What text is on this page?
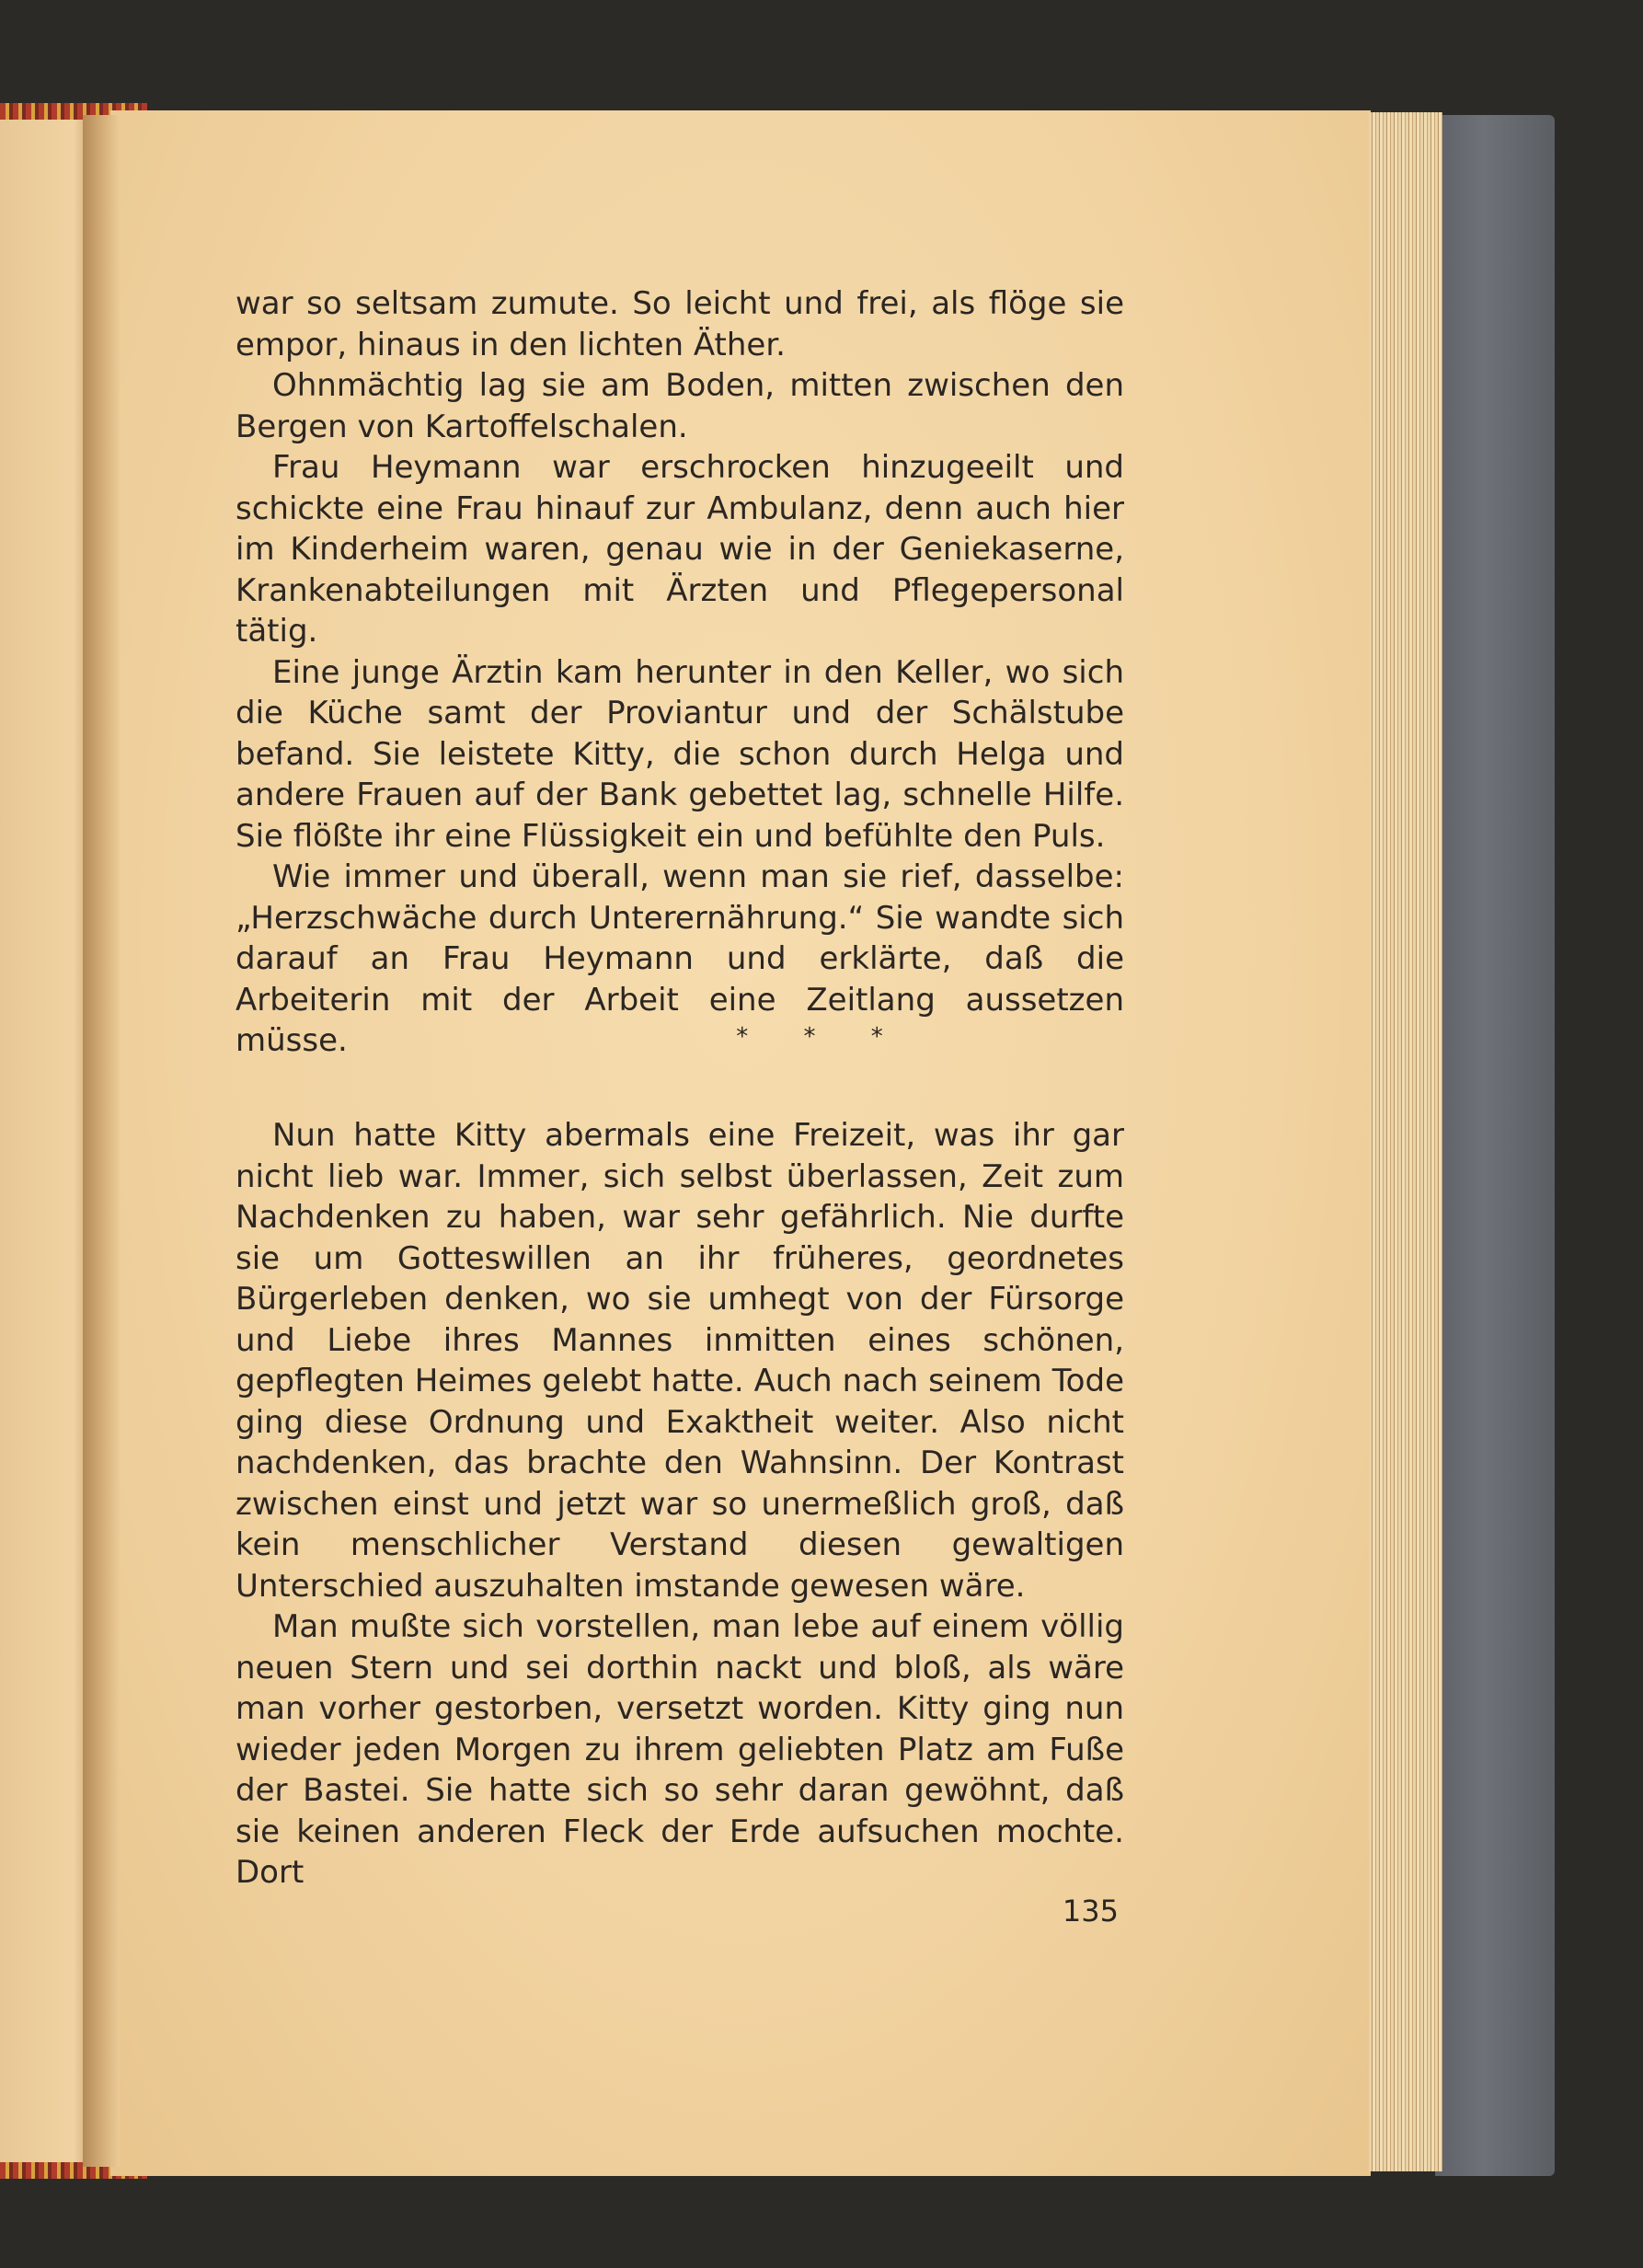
war so seltsam zumute. So leicht und frei, als flöge sie empor, hinaus in den lichten Äther.

Ohnmächtig lag sie am Boden, mitten zwischen den Bergen von Kartoffelschalen.

Frau Heymann war erschrocken hinzugeeilt und schickte eine Frau hinauf zur Ambulanz, denn auch hier im Kinderheim waren, genau wie in der Geniekaserne, Krankenabteilungen mit Ärzten und Pflegepersonal tätig.

Eine junge Ärztin kam herunter in den Keller, wo sich die Küche samt der Proviantur und der Schälstube befand. Sie leistete Kitty, die schon durch Helga und andere Frauen auf der Bank gebettet lag, schnelle Hilfe. Sie flößte ihr eine Flüssigkeit ein und befühlte den Puls.

Wie immer und überall, wenn man sie rief, dasselbe: „Herzschwäche durch Unterernährung.“ Sie wandte sich darauf an Frau Heymann und erklärte, daß die Arbeiterin mit der Arbeit eine Zeitlang aussetzen müsse.	* * *

Nun hatte Kitty abermals eine Freizeit, was ihr gar nicht lieb war. Immer, sich selbst überlassen, Zeit zum Nachdenken zu haben, war sehr gefährlich. Nie durfte sie um Gotteswillen an ihr früheres, geordnetes Bürgerleben denken, wo sie umhegt von der Fürsorge und Liebe ihres Mannes inmitten eines schönen, gepflegten Heimes gelebt hatte. Auch nach seinem Tode ging diese Ordnung und Exaktheit weiter. Also nicht nachdenken, das brachte den Wahnsinn. Der Kontrast zwischen einst und jetzt war so unermeßlich groß, daß kein menschlicher Verstand diesen gewaltigen Unterschied auszuhalten imstande gewesen wäre.

Man mußte sich vorstellen, man lebe auf einem völlig neuen Stern und sei dorthin nackt und bloß, als wäre man vorher gestorben, versetzt worden. Kitty ging nun wieder jeden Morgen zu ihrem geliebten Platz am Fuße der Bastei. Sie hatte sich so sehr daran gewöhnt, daß sie keinen anderen Fleck der Erde aufsuchen mochte. Dort

135
